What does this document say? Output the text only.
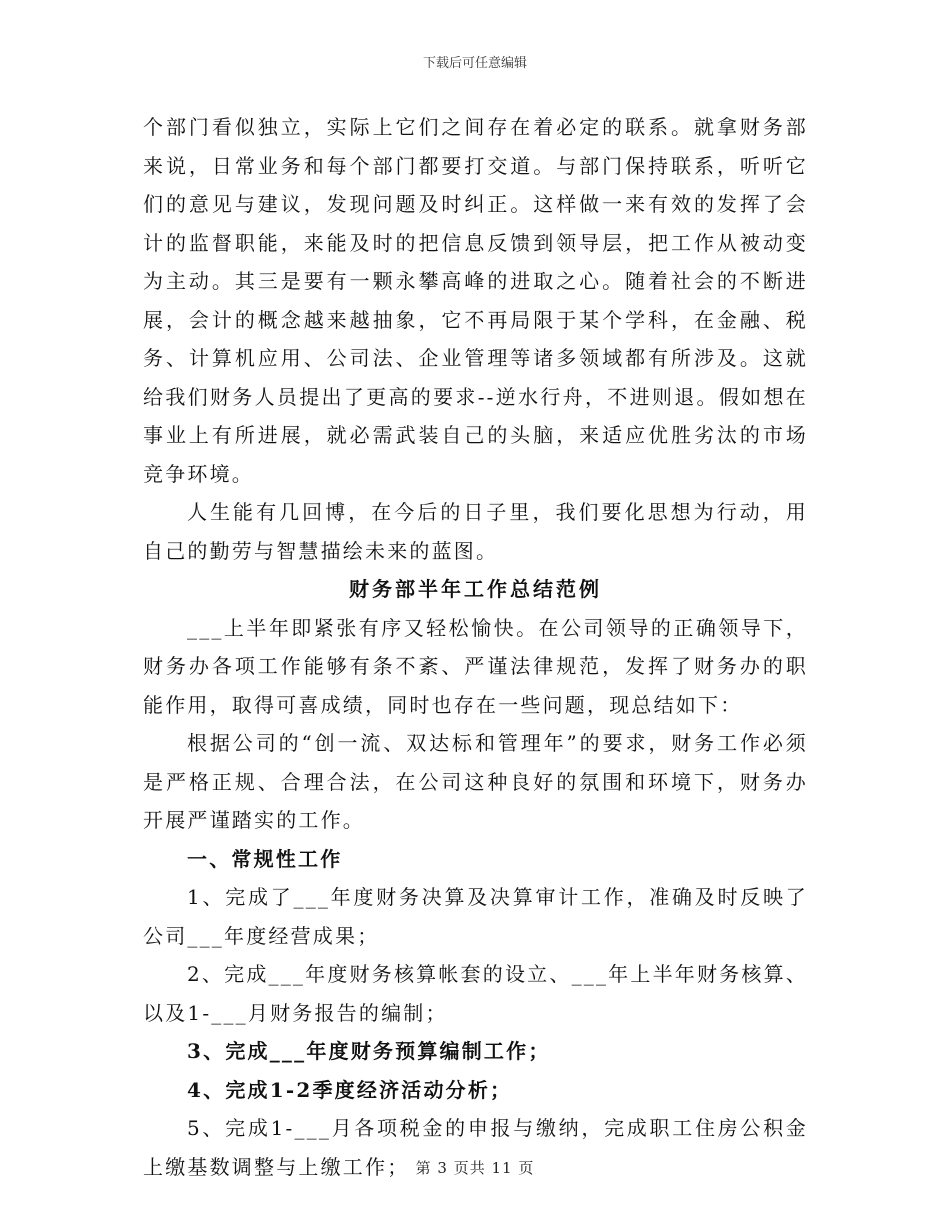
下载后可任意编辑

个部门看似独立，实际上它们之间存在着必定的联系。就拿财务部来说，日常业务和每个部门都要打交道。与部门保持联系，听听它们的意见与建议，发现问题及时纠正。这样做一来有效的发挥了会计的监督职能，来能及时的把信息反馈到领导层，把工作从被动变为主动。其三是要有一颗永攀高峰的进取之心。随着社会的不断进展，会计的概念越来越抽象，它不再局限于某个学科，在金融、税务、计算机应用、公司法、企业管理等诸多领域都有所涉及。这就给我们财务人员提出了更高的要求--逆水行舟，不进则退。假如想在事业上有所进展，就必需武装自己的头脑，来适应优胜劣汰的市场竞争环境。

人生能有几回博，在今后的日子里，我们要化思想为行动，用自己的勤劳与智慧描绘未来的蓝图。

财务部半年工作总结范例

___上半年即紧张有序又轻松愉快。在公司领导的正确领导下，财务办各项工作能够有条不紊、严谨法律规范，发挥了财务办的职能作用，取得可喜成绩，同时也存在一些问题，现总结如下：

根据公司的“创一流、双达标和管理年”的要求，财务工作必须是严格正规、合理合法，在公司这种良好的氛围和环境下，财务办开展严谨踏实的工作。

一、常规性工作

1、完成了___年度财务决算及决算审计工作，准确及时反映了公司___年度经营成果；

2、完成___年度财务核算帐套的设立、___年上半年财务核算、以及1-___月财务报告的编制；

3、完成___年度财务预算编制工作；

4、完成1-2季度经济活动分析；

5、完成1-___月各项税金的申报与缴纳，完成职工住房公积金上缴基数调整与上缴工作； 第 3 页共 11 页
